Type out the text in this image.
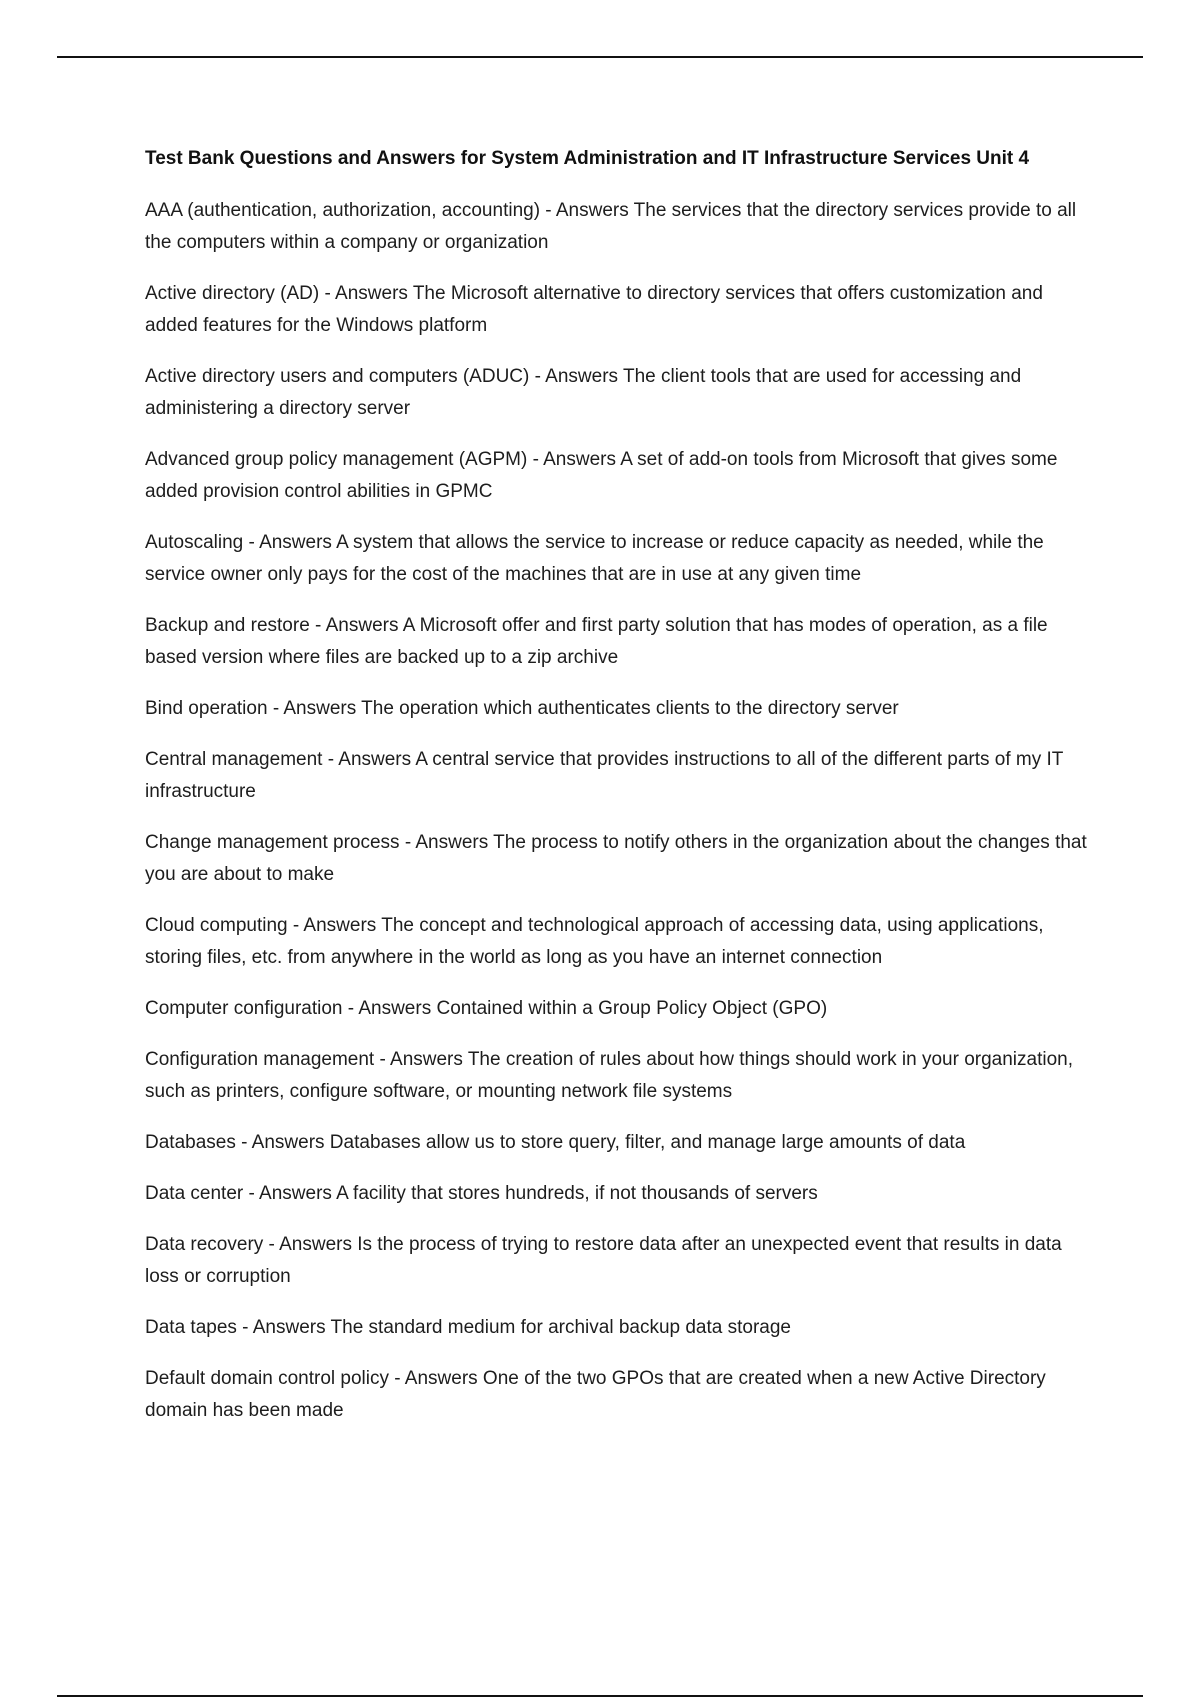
Test Bank Questions and Answers for System Administration and IT Infrastructure Services Unit 4

AAA (authentication, authorization, accounting) - Answers The services that the directory services provide to all the computers within a company or organization

Active directory (AD) - Answers The Microsoft alternative to directory services that offers customization and added features for the Windows platform

Active directory users and computers (ADUC) - Answers The client tools that are used for accessing and administering a directory server

Advanced group policy management (AGPM) - Answers A set of add-on tools from Microsoft that gives some added provision control abilities in GPMC

Autoscaling - Answers A system that allows the service to increase or reduce capacity as needed, while the service owner only pays for the cost of the machines that are in use at any given time

Backup and restore - Answers A Microsoft offer and first party solution that has modes of operation, as a file based version where files are backed up to a zip archive

Bind operation - Answers The operation which authenticates clients to the directory server

Central management - Answers A central service that provides instructions to all of the different parts of my IT infrastructure

Change management process - Answers The process to notify others in the organization about the changes that you are about to make

Cloud computing - Answers The concept and technological approach of accessing data, using applications, storing files, etc. from anywhere in the world as long as you have an internet connection

Computer configuration - Answers Contained within a Group Policy Object (GPO)

Configuration management - Answers The creation of rules about how things should work in your organization, such as printers, configure software, or mounting network file systems

Databases - Answers Databases allow us to store query, filter, and manage large amounts of data

Data center - Answers A facility that stores hundreds, if not thousands of servers

Data recovery - Answers Is the process of trying to restore data after an unexpected event that results in data loss or corruption

Data tapes - Answers The standard medium for archival backup data storage

Default domain control policy - Answers One of the two GPOs that are created when a new Active Directory domain has been made
